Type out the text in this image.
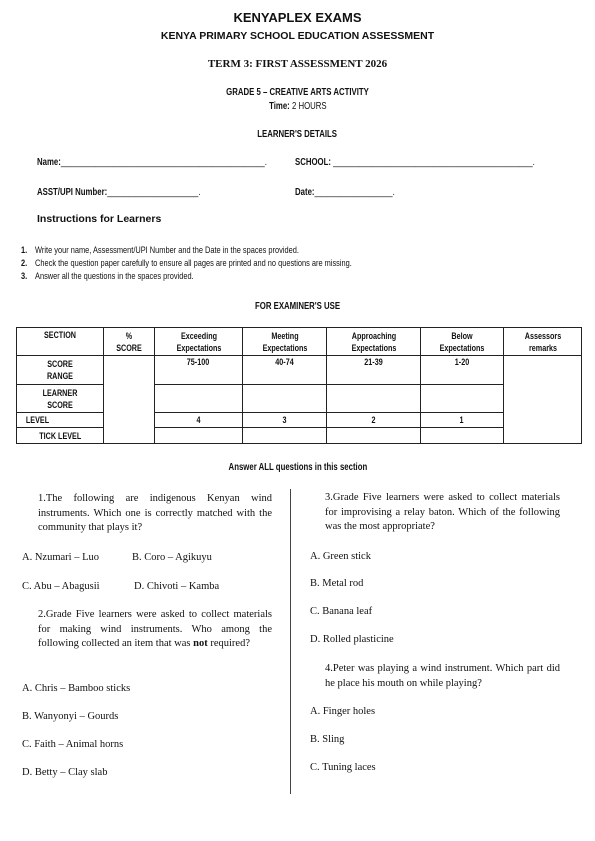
KENYAPLEX EXAMS
KENYA PRIMARY SCHOOL EDUCATION ASSESSMENT
TERM 3: FIRST ASSESSMENT 2026
GRADE 5 – CREATIVE ARTS ACTIVITY
Time: 2 HOURS
LEARNER'S DETAILS
Name:_______________________________________________.	SCHOOL: ______________________________________________.
ASST/UPI Number:_____________________.	Date:__________________.
Instructions for Learners
1. Write your name, Assessment/UPI Number and the Date in the spaces provided.
2. Check the question paper carefully to ensure all pages are printed and no questions are missing.
3. Answer all the questions in the spaces provided.
FOR EXAMINER'S USE
SECTION	% SCORE	Exceeding Expectations	Meeting Expectations	Approaching Expectations	Below Expectations	Assessors remarks
SCORE RANGE		75-100	40-74	21-39	1-20	
LEARNER SCORE						
LEVEL		4	3	2	1	
TICK LEVEL						
Answer ALL questions in this section
1.The following are indigenous Kenyan wind instruments. Which one is correctly matched with the community that plays it?
A. Nzumari – Luo	B. Coro – Agikuyu
C. Abu – Abagusii	D. Chivoti – Kamba
2.Grade Five learners were asked to collect materials for making wind instruments. Who among the following collected an item that was not required?
A. Chris – Bamboo sticks
B. Wanyonyi – Gourds
C. Faith – Animal horns
D. Betty – Clay slab
3.Grade Five learners were asked to collect materials for improvising a relay baton. Which of the following was the most appropriate?
A. Green stick
B. Metal rod
C. Banana leaf
D. Rolled plasticine
4.Peter was playing a wind instrument. Which part did he place his mouth on while playing?
A. Finger holes
B. Sling
C. Tuning laces
